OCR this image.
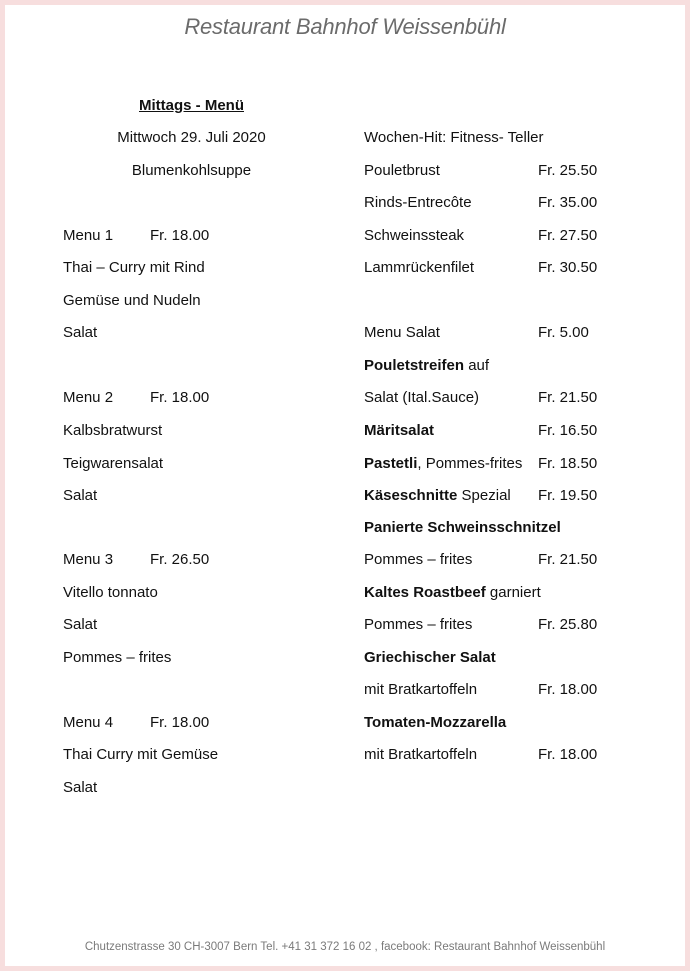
Restaurant Bahnhof Weissenbühl
Mittags - Menü
Mittwoch 29. Juli 2020
Blumenkohlsuppe
Menu 1 Fr. 18.00
Thai – Curry mit Rind
Gemüse und Nudeln
Salat
Menu 2 Fr. 18.00
Kalbsbratwurst
Teigwarensalat
Salat
Menu 3 Fr. 26.50
Vitello tonnato
Salat
Pommes – frites
Menu 4 Fr. 18.00
Thai Curry mit Gemüse
Salat
Wochen-Hit: Fitness- Teller
Pouletbrust	Fr. 25.50
Rinds-Entrecôte	Fr. 35.00
Schweinssteak	Fr. 27.50
Lammrückenfilet	Fr. 30.50
Menu Salat	Fr. 5.00
Pouletstreifen auf
Salat (Ital.Sauce)	Fr. 21.50
Märitsalat	Fr. 16.50
Pastetli, Pommes-frites Fr. 18.50
Käseschnitte Spezial Fr. 19.50
Panierte Schweinsschnitzel
Pommes – frites	Fr. 21.50
Kaltes Roastbeef garniert
Pommes – frites	Fr. 25.80
Griechischer Salat
mit Bratkartoffeln	Fr. 18.00
Tomaten-Mozzarella
mit Bratkartoffeln	Fr. 18.00
Chutzenstrasse 30 CH-3007 Bern Tel. +41 31 372 16 02 , facebook: Restaurant Bahnhof Weissenbühl
